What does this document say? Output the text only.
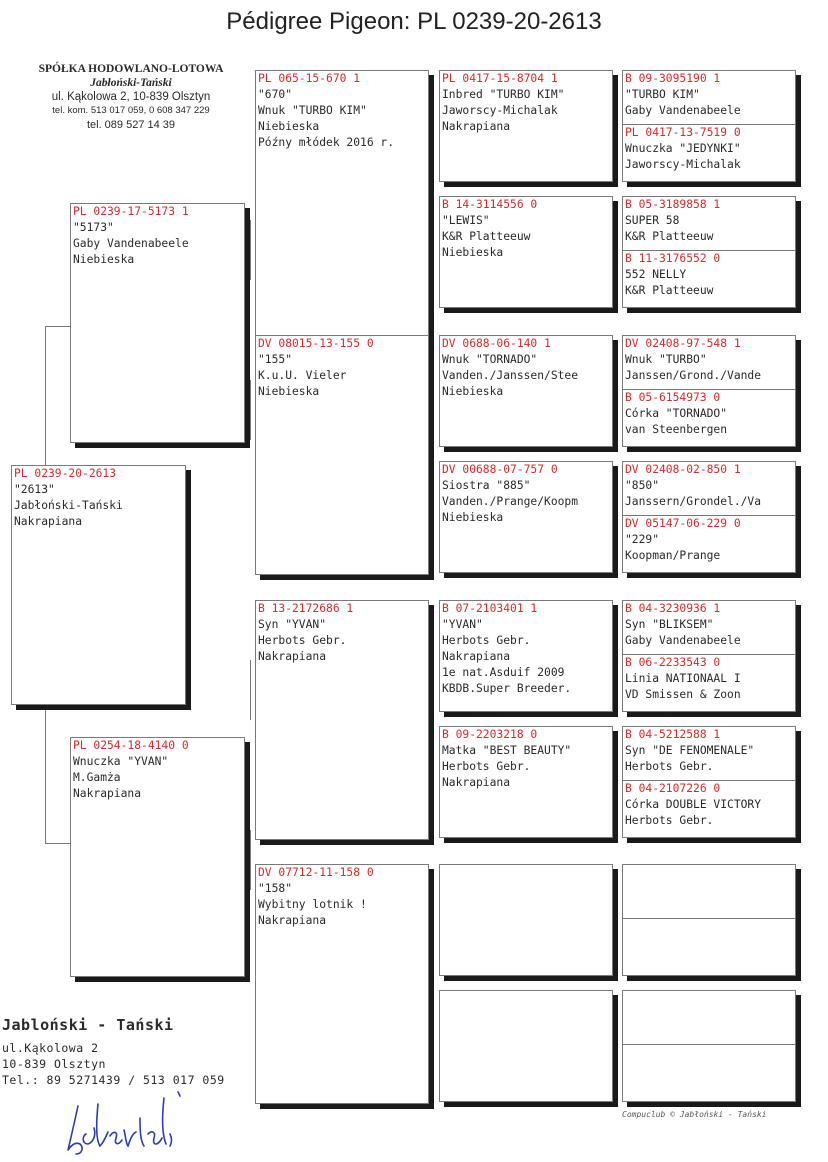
Pédigree Pigeon: PL 0239-20-2613
SPÓŁKA HODOWLANO-LOTOWA
Jabłoński-Tański
ul. Kąkolowa 2, 10-839 Olsztyn
tel. kom. 513 017 059, 0 608 347 229
tel. 089 527 14 39
PL 0239-20-2613
"2613"
Jabłoński-Tański
Nakrapiana
PL 0239-17-5173 1
"5173"
Gaby Vandenabeele
Niebieska
PL 0254-18-4140 0
Wnuczka "YVAN"
M.Gamża
Nakrapiana
PL 065-15-670 1
"670"
Wnuk "TURBO KIM"
Niebieska
Późny młódek 2016 r.
DV 08015-13-155 0
"155"
K.u.U. Vieler
Niebieska
B 13-2172686 1
Syn "YVAN"
Herbots Gebr.
Nakrapiana
DV 07712-11-158 0
"158"
Wybitny lotnik !
Nakrapiana
PL 0417-15-8704 1
Inbred "TURBO KIM"
Jaworscy-Michalak
Nakrapiana
B 14-3114556 0
"LEWIS"
K&R Platteeuw
Niebieska
DV 0688-06-140 1
Wnuk "TORNADO"
Vanden./Janssen/Stee
Niebieska
DV 00688-07-757 0
Siostra "885"
Vanden./Prange/Koopm
Niebieska
B 07-2103401 1
"YVAN"
Herbots Gebr.
Nakrapiana
1e nat.Asduif 2009
KBDB.Super Breeder.
B 09-2203218 0
Matka "BEST BEAUTY"
Herbots Gebr.
Nakrapiana
B 09-3095190 1
"TURBO KIM"
Gaby Vandenabeele
PL 0417-13-7519 0
Wnuczka "JEDYNKI"
Jaworscy-Michalak
B 05-3189858 1
SUPER 58
K&R Platteeuw
B 11-3176552 0
552 NELLY
K&R Platteeuw
DV 02408-97-548 1
Wnuk "TURBO"
Janssen/Grond./Vande
B 05-6154973 0
Córka "TORNADO"
van Steenbergen
DV 02408-02-850 1
"850"
Janssern/Grondel./Va
DV 05147-06-229 0
"229"
Koopman/Prange
B 04-3230936 1
Syn "BLIKSEM"
Gaby Vandenabeele
B 06-2233543 0
Linia NATIONAAL I
VD Smissen & Zoon
B 04-5212588 1
Syn "DE FENOMENALE"
Herbots Gebr.
B 04-2107226 0
Córka DOUBLE VICTORY
Herbots Gebr.
Jabloński - Tański
ul.Kąkolowa 2
10-839 Olsztyn
Tel.: 89 5271439 / 513 017 059
Compuclub © Jabłoński - Tański
